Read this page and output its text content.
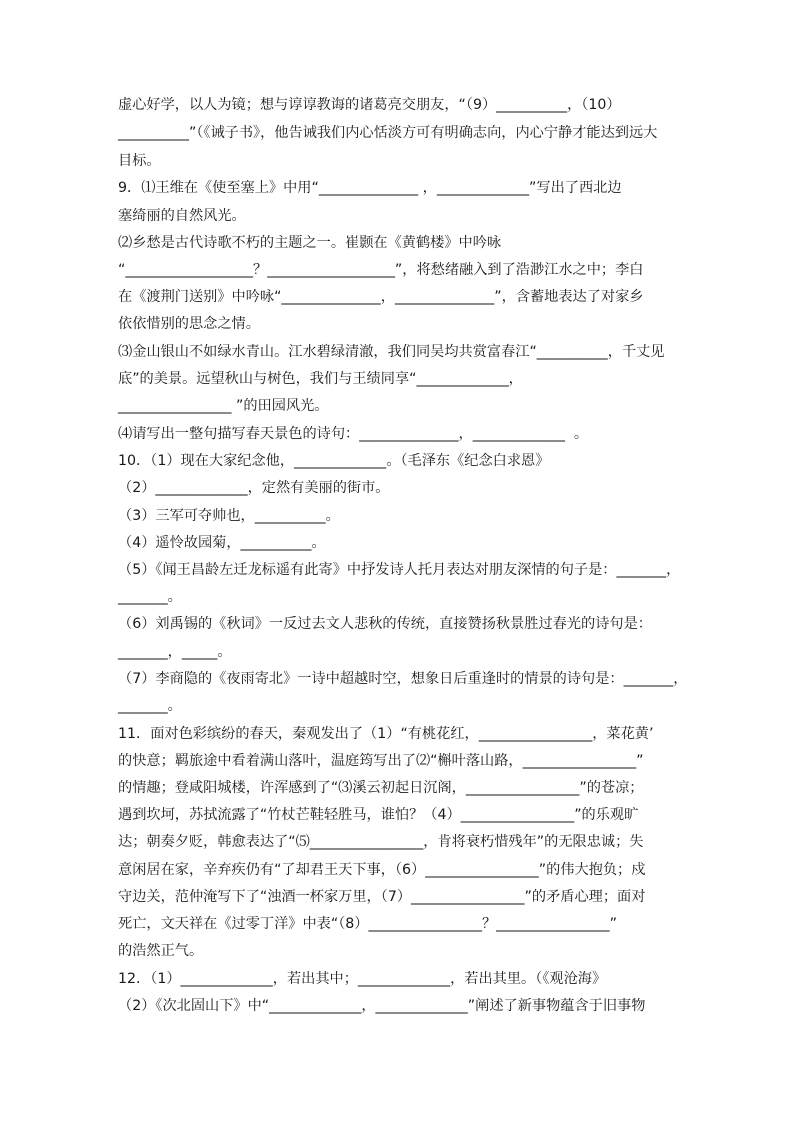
虚心好学，以人为镜；想与谆谆教诲的诸葛亮交朋友，“（9）__________，（10）
__________”（《诫子书》，他告诫我们内心恬淡方可有明确志向，内心宁静才能达到远大
目标。
9．⑴王维在《使至塞上》中用“______________ ，_____________”写出了西北边
塞绮丽的自然风光。
⑵乡愁是古代诗歌不朽的主题之一。崔颢在《黄鹤楼》中吟咏
“__________________？__________________”，将愁绪融入到了浩渺江水之中；李白
在《渡荆门送别》中吟咏“______________，______________”，含蓄地表达了对家乡
依依惜别的思念之情。
⑶金山银山不如绿水青山。江水碧绿清澈，我们同吴均共赏富春江“__________，千丈见
底”的美景。远望秋山与树色，我们与王绩同享“_____________，
________________ ”的田园风光。
⑷请写出一整句描写春天景色的诗句：______________，_____________  。
10．（1）现在大家纪念他，_____________。（毛泽东《纪念白求恩》
（2）_____________，定然有美丽的街市。
（3）三军可夺帅也，__________。
（4）遥怜故园菊，__________。
（5）《闻王昌龄左迁龙标遥有此寄》中抒发诗人托月表达对朋友深情的句子是：_______，
_______。
（6）刘禹锡的《秋词》一反过去文人悲秋的传统，直接赞扬秋景胜过春光的诗句是：
_______，_____。
（7）李商隐的《夜雨寄北》一诗中超越时空，想象日后重逢时的情景的诗句是：_______，
_______。
11．面对色彩缤纷的春天，秦观发出了（1）“有桃花红，________________，菜花黄’
的快意；羁旅途中看着满山落叶，温庭筠写出了⑵“槲叶落山路，________________”
的情趣；登咸阳城楼，许浑感到了“⑶溪云初起日沉阁，________________”的苍凉；
遇到坎坷，苏拭流露了“竹杖芒鞋轻胜马，谁怕？（4）________________”的乐观旷
达；朝奏夕贬，韩愈表达了“⑸________________，肯将衰朽惜残年”的无限忠诚；失
意闲居在家，辛弃疾仍有“了却君王天下事，（6）________________”的伟大抱负；戍
守边关，范仲淹写下了“浊酒一杯家万里，（7）________________”的矛盾心理；面对
死亡，文天祥在《过零丁洋》中表“（8）________________？________________”
的浩然正气。
12．（1）_____________，若出其中；_____________，若出其里。（《观沧海》
（2）《次北固山下》中“_____________，_____________”阐述了新事物蕴含于旧事物
